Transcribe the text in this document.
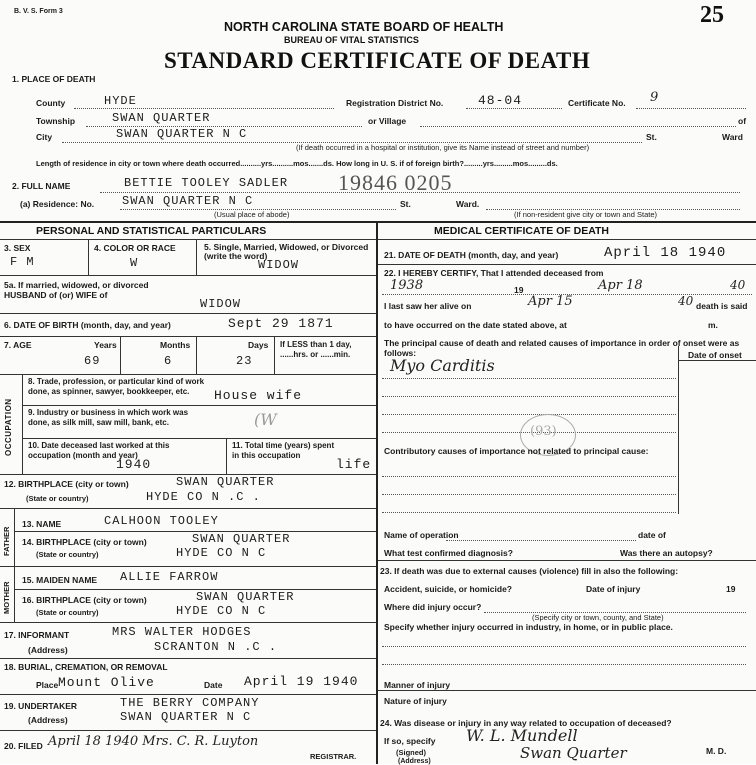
B. V. S. Form 3	25
NORTH CAROLINA STATE BOARD OF HEALTH
BUREAU OF VITAL STATISTICS
STANDARD CERTIFICATE OF DEATH
1. PLACE OF DEATH
County	HYDE	Registration District No.	48-04	Certificate No. 9
Township	SWAN QUARTER	or Village	of
City	SWAN QUARTER N C	St.	Ward
(If death occurred in a hospital or institution, give its Name instead of street and number)
Length of residence in city or town where death occurred..........yrs..........mos.......ds. How long in U. S. if of foreign birth?.........yrs.........mos.........ds.
2. FULL NAME	BETTIE TOOLEY SADLER 19846 0205
(a) Residence: No. SWAN QUARTER N C	St.	Ward.
(Usual place of abode)	(If non-resident give city or town and State)
PERSONAL AND STATISTICAL PARTICULARS	MEDICAL CERTIFICATE OF DEATH
3. SEX
F M
4. COLOR OR RACE
W
5. Single, Married, Widowed, or Divorced (write the word)
WIDOW
5a. If married, widowed, or divorced HUSBAND of (or) WIFE of
WIDOW
6. DATE OF BIRTH (month, day, and year)	Sept 29 1871
7. AGE	Years	Months	Days
69	6	23
If LESS than 1 day, ......hrs. or ......min.
OCCUPATION
8. Trade, profession, or particular kind of work done, as spinner, sawyer, bookkeeper, etc.	House wife
9. Industry or business in which work was done, as silk mill, saw mill, bank, etc.	(W
10. Date deceased last worked at this occupation (month and year)
1940
11. Total time (years) spent in this occupation
life
12. BIRTHPLACE (city or town)	SWAN QUARTER
(State or country)	HYDE CO N .C .
FATHER
13. NAME	CALHOON TOOLEY
14. BIRTHPLACE (city or town)	SWAN QUARTER
(State or country)	HYDE CO N C
MOTHER
15. MAIDEN NAME ALLIE FARROW
16. BIRTHPLACE (city or town)	SWAN QUARTER
(State or country)	HYDE CO N C
17. INFORMANT	MRS WALTER HODGES
(Address)	SCRANTON N .C .
18. BURIAL, CREMATION, OR REMOVAL
Place Mount Olive	Date April 19 1940
19. UNDERTAKER	THE BERRY COMPANY
(Address)	SWAN QUARTER N C
20. FILED April 18 1940 Mrs. C. R. Luyton
REGISTRAR.
21. DATE OF DEATH (month, day, and year)	April 18 1940
22. I HEREBY CERTIFY, That I attended deceased from
1938	19	Apr 18	40
I last saw her alive on	Apr 15	40 death is said
to have occurred on the date stated above, at	m.
The principal cause of death and related causes of importance in order of onset were as follows:	Date of onset
Myo Carditis
(93)
Contributory causes of importance not related to principal cause:
Name of operation	date of
What test confirmed diagnosis?	Was there an autopsy?
23. If death was due to external causes (violence) fill in also the following:
Accident, suicide, or homicide?	Date of injury	19
Where did injury occur?
(Specify city or town, county, and State)
Specify whether injury occurred in industry, in home, or in public place.
Manner of injury
Nature of injury
24. Was disease or injury in any way related to occupation of deceased?
If so, specify W. L. Mundell
(Signed)	M. D.
(Address)	Swan Quarter
